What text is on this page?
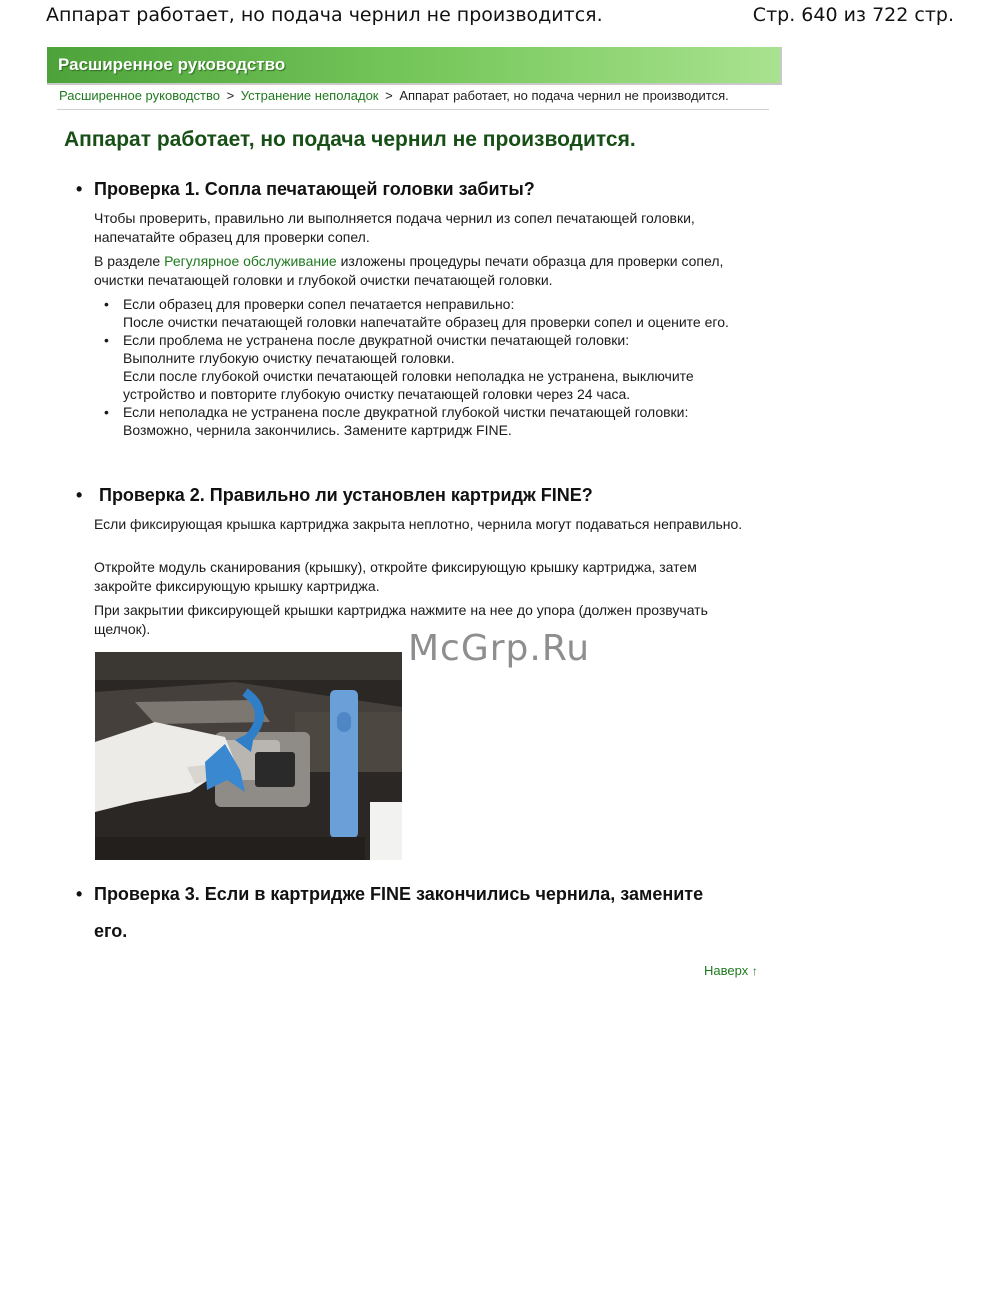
Аппарат работает, но подача чернил не производится.	Стр. 640 из 722 стр.
Расширенное руководство
Расширенное руководство > Устранение неполадок > Аппарат работает, но подача чернил не производится.
Аппарат работает, но подача чернил не производится.
• Проверка 1. Сопла печатающей головки забиты?

Чтобы проверить, правильно ли выполняется подача чернил из сопел печатающей головки, напечатайте образец для проверки сопел.

В разделе Регулярное обслуживание изложены процедуры печати образца для проверки сопел, очистки печатающей головки и глубокой очистки печатающей головки.

• Если образец для проверки сопел печатается неправильно:
После очистки печатающей головки напечатайте образец для проверки сопел и оцените его.
• Если проблема не устранена после двукратной очистки печатающей головки:
Выполните глубокую очистку печатающей головки.
Если после глубокой очистки печатающей головки неполадка не устранена, выключите устройство и повторите глубокую очистку печатающей головки через 24 часа.
• Если неполадка не устранена после двукратной глубокой чистки печатающей головки:
Возможно, чернила закончились. Замените картридж FINE.
• Проверка 2. Правильно ли установлен картридж FINE?

Если фиксирующая крышка картриджа закрыта неплотно, чернила могут подаваться неправильно.

Откройте модуль сканирования (крышку), откройте фиксирующую крышку картриджа, затем закройте фиксирующую крышку картриджа.

При закрытии фиксирующей крышки картриджа нажмите на нее до упора (должен прозвучать щелчок).	McGrp.Ru
• Проверка 3. Если в картридже FINE закончились чернила, замените
его.
Наверх ↑
